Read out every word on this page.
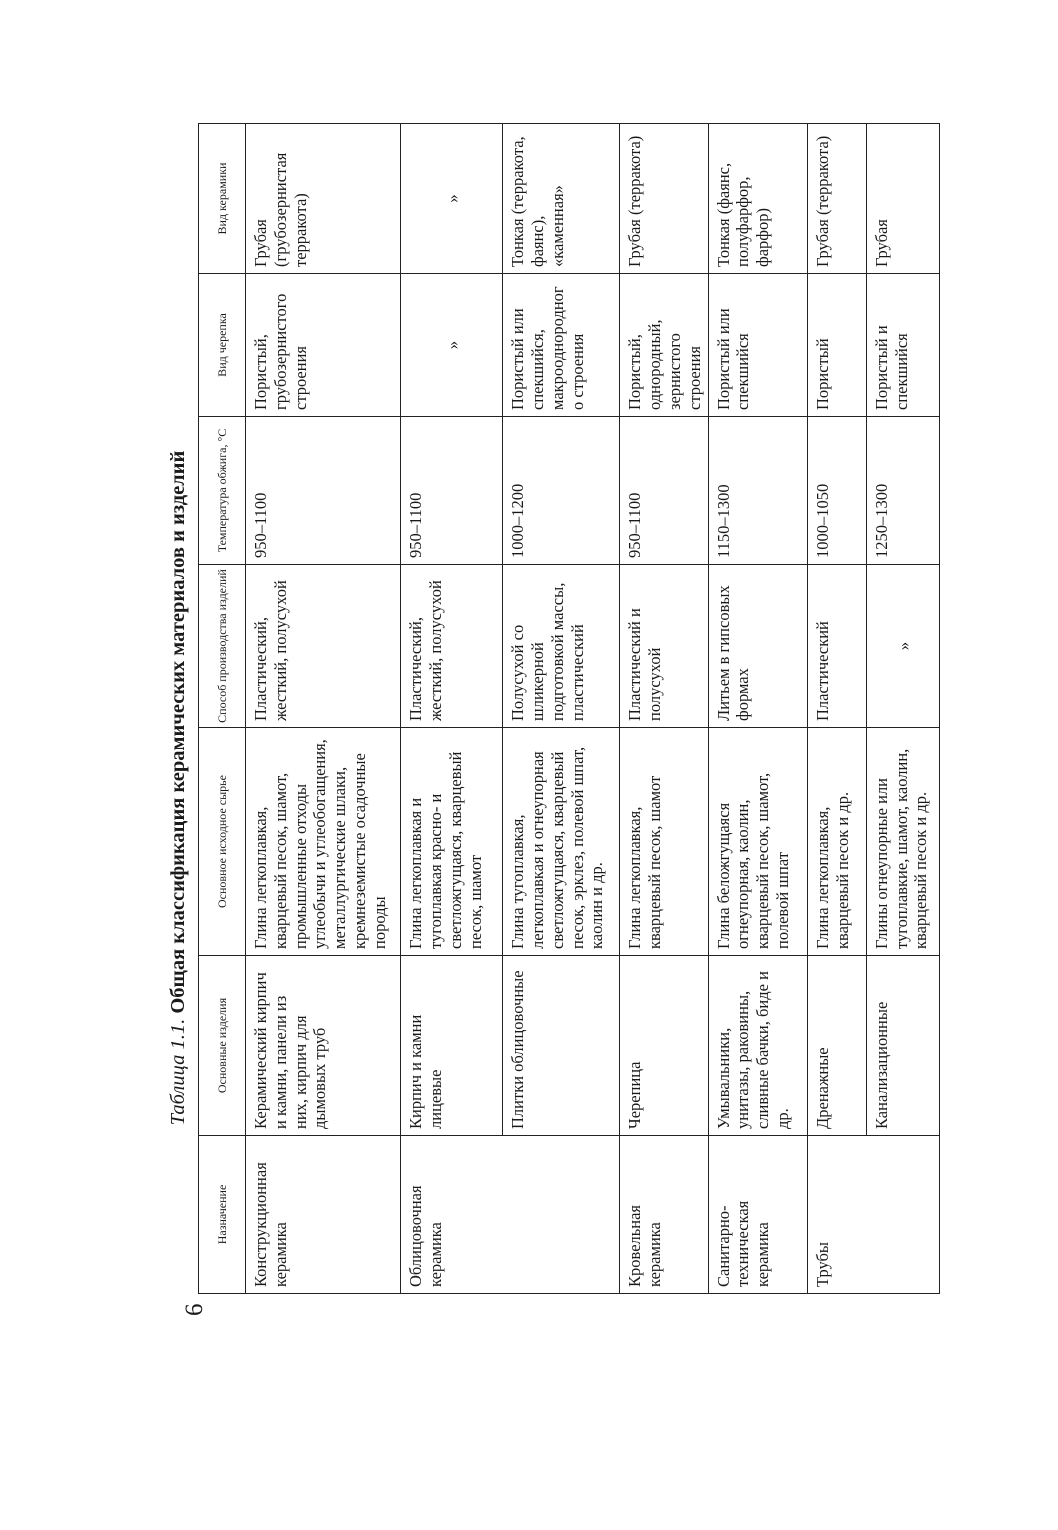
6
Таблица 1.1. Общая классификация керамических материалов и изделий
Назначение	Основные изделия	Основное исходное сырье	Способ производства изделий	Температура обжига, °С	Вид черепка	Вид керамики
Конструкционная керамика	Керамический кирпич и камни, панели из них, кирпич для дымовых труб	Глина легкоплавкая, кварцевый песок, шамот, промышленные отходы углеобычи и углеобогащения, металлургические шлаки, кремнеземистые осадочные породы	Пластический, жесткий, полусухой	950–1100	Пористый, грубозернистого строения	Грубая (грубозернистая терракота)
Облицовочная керамика	Кирпич и камни лицевые	Глина легкоплавкая и тугоплавкая красно- и светложгущаяся, кварцевый песок, шамот	Пластический, жесткий, полусухой	950–1100	»	»
	Плитки облицовочные	Глина тугоплавкая, легкоплавкая и огнеупорная светложгущаяся, кварцевый песок, эрклез, полевой шпат, каолин и др.	Полусухой со шликерной подготовкой массы, пластический	1000–1200	Пористый или спекшийся, макрооднородного строения	Тонкая (терракота, фаянс), «каменная»
Кровельная керамика	Черепица	Глина легкоплавкая, кварцевый песок, шамот	Пластический и полусухой	950–1100	Пористый, однородный, зернистого строения	Грубая (терракота)
Санитарно-техническая керамика	Умывальники, унитазы, раковины, сливные бачки, биде и др.	Глина беложгущаяся огнеупорная, каолин, кварцевый песок, шамот, полевой шпат	Литьем в гипсовых формах	1150–1300	Пористый или спекшийся	Тонкая (фаянс, полуфарфор, фарфор)
Трубы	Дренажные	Глина легкоплавкая, кварцевый песок и др.	Пластический	1000–1050	Пористый	Грубая (терракота)
	Канализационные	Глины огнеупорные или тугоплавкие, шамот, каолин, кварцевый песок и др.	»	1250–1300	Пористый и спекшийся	Грубая
